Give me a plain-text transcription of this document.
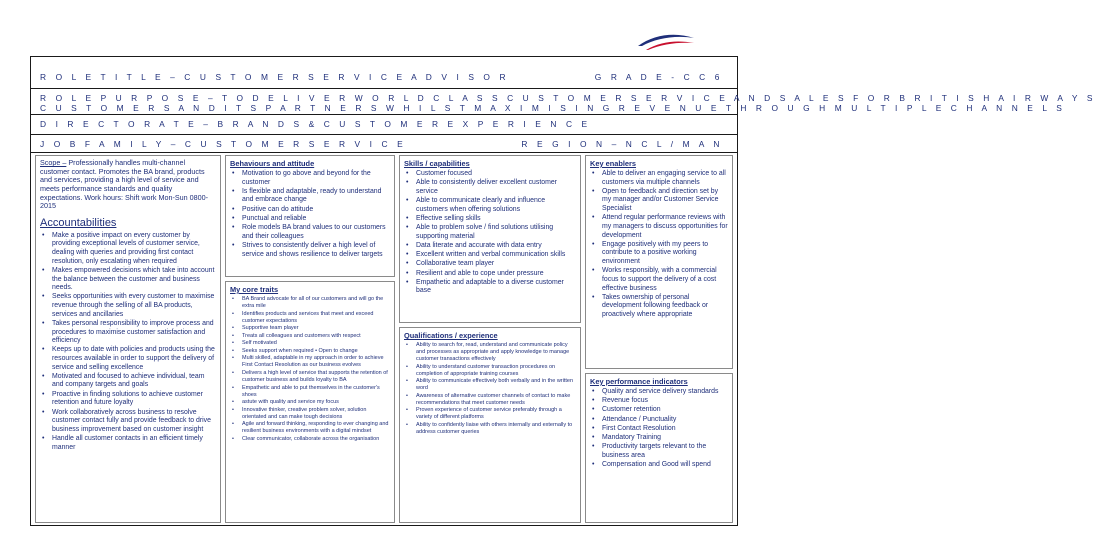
R O L E T I T L E – C U S T O M E R S E R V I C E A D V I S O R	G R A D E - C C 6
R O L E P U R P O S E – T O D E L I V E R W O R L D C L A S S C U S T O M E R S E R V I C E A N D S A L E S F O R B R I T I S H A I R W A Y S
C U S T O M E R S A N D I T S P A R T N E R S W H I L S T M A X I M I S I N G R E V E N U E T H R O U G H M U L T I P L E C H A N N E L S
D I R E C T O R A T E – B R A N D S & C U S T O M E R E X P E R I E N C E
J O B F A M I L Y – C U S T O M E R S E R V I C E	R E G I O N – N C L / M A N
Scope – Professionally handles multi-channel customer contact. Promotes the BA brand, products and services, providing a high level of service and meets performance standards and quality expectations. Work hours: Shift work Mon-Sun 0800-2015
Accountabilities
• Make a positive impact on every customer by providing exceptional levels of customer service, dealing with queries and providing first contact resolution, only escalating when required
• Makes empowered decisions which take into account the balance between the customer and business needs.
• Seeks opportunities with every customer to maximise revenue through the selling of all BA products, services and ancillaries
• Takes personal responsibility to improve process and procedures to maximise customer satisfaction and efficiency
• Keeps up to date with policies and products using the resources available in order to support the delivery of service and selling excellence
• Motivated and focused to achieve individual, team and company targets and goals
• Proactive in finding solutions to achieve customer retention and future loyalty
• Work collaboratively across business to resolve customer contact fully and provide feedback to drive business improvement based on customer insight
• Handle all customer contacts in an efficient timely manner
Behaviours and attitude
• Motivation to go above and beyond for the customer
• Is flexible and adaptable, ready to understand and embrace change
• Positive can do attitude
• Punctual and reliable
• Role models BA brand values to our customers and their colleagues
• Strives to consistently deliver a high level of service and shows resilience to deliver targets
My core traits
• BA Brand advocate for all of our customers and will go the extra mile
• Identifies products and services that meet and exceed customer expectations
• Supportive team player
• Treats all colleagues and customers with respect
• Self motivated
• Seeks support when required • Open to change
• Multi skilled, adaptable in my approach in order to achieve First Contact Resolution as our business evolves
• Delivers a high level of service that supports the retention of customer business and builds loyalty to BA
• Empathetic and able to put themselves in the customer's shoes
• astute with quality and service my focus
• Innovative thinker, creative problem solver, solution orientated and can make tough decisions
• Agile and forward thinking, responding to ever changing and resilient business environments with a digital mindset
• Clear communicator, collaborate across the organisation
Skills / capabilities
• Customer focused
• Able to consistently deliver excellent customer service
• Able to communicate clearly and influence customers when offering solutions
• Effective selling skills
• Able to problem solve / find solutions utilising supporting material
• Data literate and accurate with data entry
• Excellent written and verbal communication skills
• Collaborative team player
• Resilient and able to cope under pressure
• Empathetic and adaptable to a diverse customer base
Qualifications / experience
• Ability to search for, read, understand and communicate policy and processes as appropriate and apply knowledge to manage customer transactions effectively
• Ability to understand customer transaction procedures on completion of appropriate training courses
• Ability to communicate effectively both verbally and in the written word
• Awareness of alternative customer channels of contact to make recommendations that meet customer needs
• Proven experience of customer service preferably through a variety of different platforms
• Ability to confidently liaise with others internally and externally to address customer queries
Key enablers
• Able to deliver an engaging service to all customers via multiple channels
• Open to feedback and direction set by my manager and/or Customer Service Specialist
• Attend regular performance reviews with my managers to discuss opportunities for development
• Engage positively with my peers to contribute to a positive working environment
• Works responsibly, with a commercial focus to support the delivery of a cost effective business
• Takes ownership of personal development following feedback or proactively where appropriate
Key performance indicators
• Quality and service delivery standards
• Revenue focus
• Customer retention
• Attendance / Punctuality
• First Contact Resolution
• Mandatory Training
• Productivity targets relevant to the business area
• Compensation and Good will spend
